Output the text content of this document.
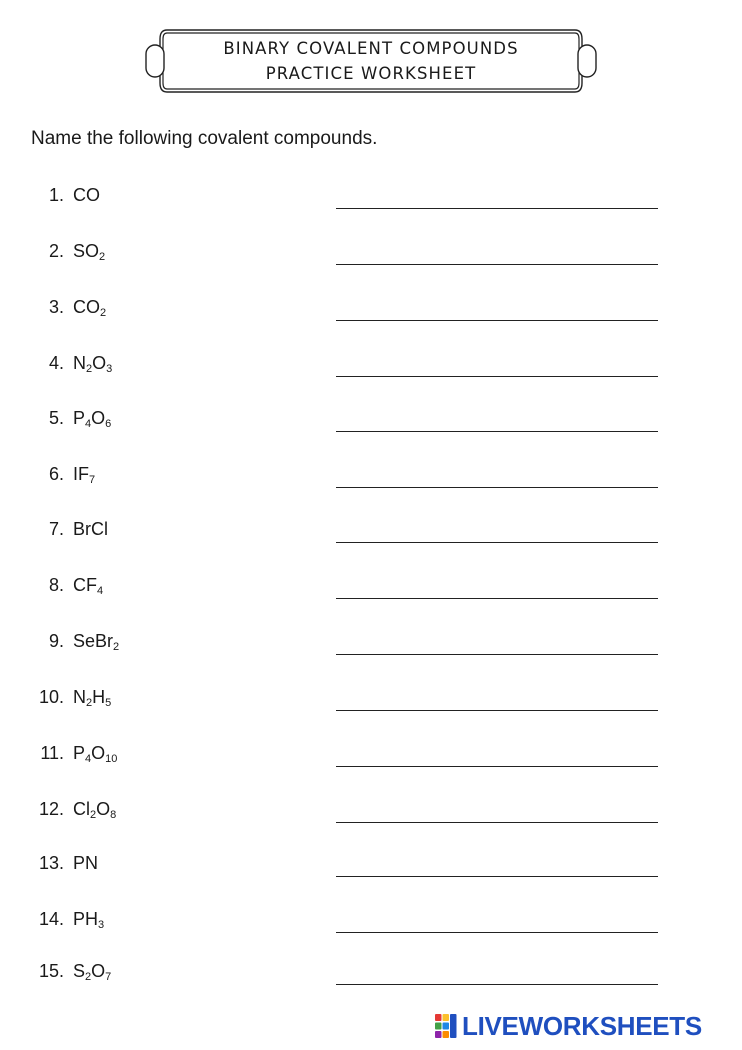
BINARY COVALENT COMPOUNDS
PRACTICE WORKSHEET
Name the following covalent compounds.
1. CO
2. $SO_2$
3. $CO_2$
4. $N_2O_3$
5. $P_4O_6$
6. $IF_7$
7. BrCl
8. $CF_4$
9. SeBr$_2$
10. $N_2H_5$
11. $P_4O_{10}$
12. $Cl_2O_8$
13. PN
14. $PH_3$
15. $S_2O_7$
LIVEWORKSHEETS
